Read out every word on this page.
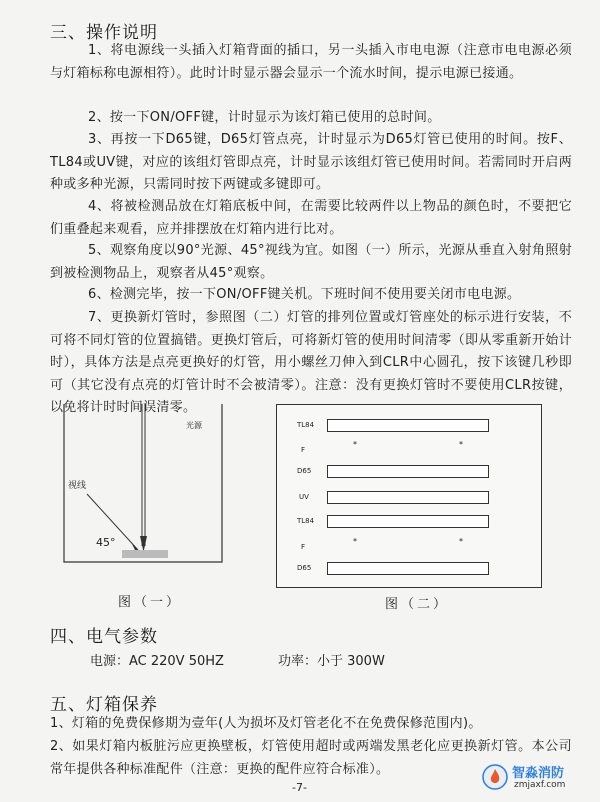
三、操作说明
1、将电源线一头插入灯箱背面的插口，另一头插入市电电源（注意市电电源必须与灯箱标称电源相符）。此时计时显示器会显示一个流水时间，提示电源已接通。
2、按一下ON/OFF键，计时显示为该灯箱已使用的总时间。
3、再按一下D65键，D65灯管点亮，计时显示为D65灯管已使用的时间。按F、TL84或UV键，对应的该组灯管即点亮，计时显示该组灯管已使用时间。若需同时开启两种或多种光源，只需同时按下两键或多键即可。
4、将被检测品放在灯箱底板中间，在需要比较两件以上物品的颜色时，不要把它们重叠起来观看，应并排摆放在灯箱内进行比对。
5、观察角度以90°光源、45°视线为宜。如图（一）所示，光源从垂直入射角照射到被检测物品上，观察者从45°观察。
6、检测完毕，按一下ON/OFF键关机。下班时间不使用要关闭市电电源。
7、更换新灯管时，参照图（二）灯管的排列位置或灯管座处的标示进行安装，不可将不同灯管的位置搞错。更换灯管后，可将新灯管的使用时间清零（即从零重新开始计时），具体方法是点亮更换好的灯管，用小螺丝刀伸入到CLR中心圆孔，按下该键几秒即可（其它没有点亮的灯管计时不会被清零）。注意：没有更换灯管时不要使用CLR按键，以免将计时时间误清零。
光源
视线
45°
图（一）
TL84
F
*	*
D65
UV
TL84
F
*	*
D65
图（二）
四、电气参数
电源：AC 220V 50HZ	功率：小于 300W
五、灯箱保养
1、灯箱的免费保修期为壹年(人为损坏及灯管老化不在免费保修范围内)。
2、如果灯箱内板脏污应更换壁板，灯管使用超时或两端发黑老化应更换新灯管。本公司常年提供各种标准配件（注意：更换的配件应符合标准）。
-7-
智淼消防
zmjaxf.com
